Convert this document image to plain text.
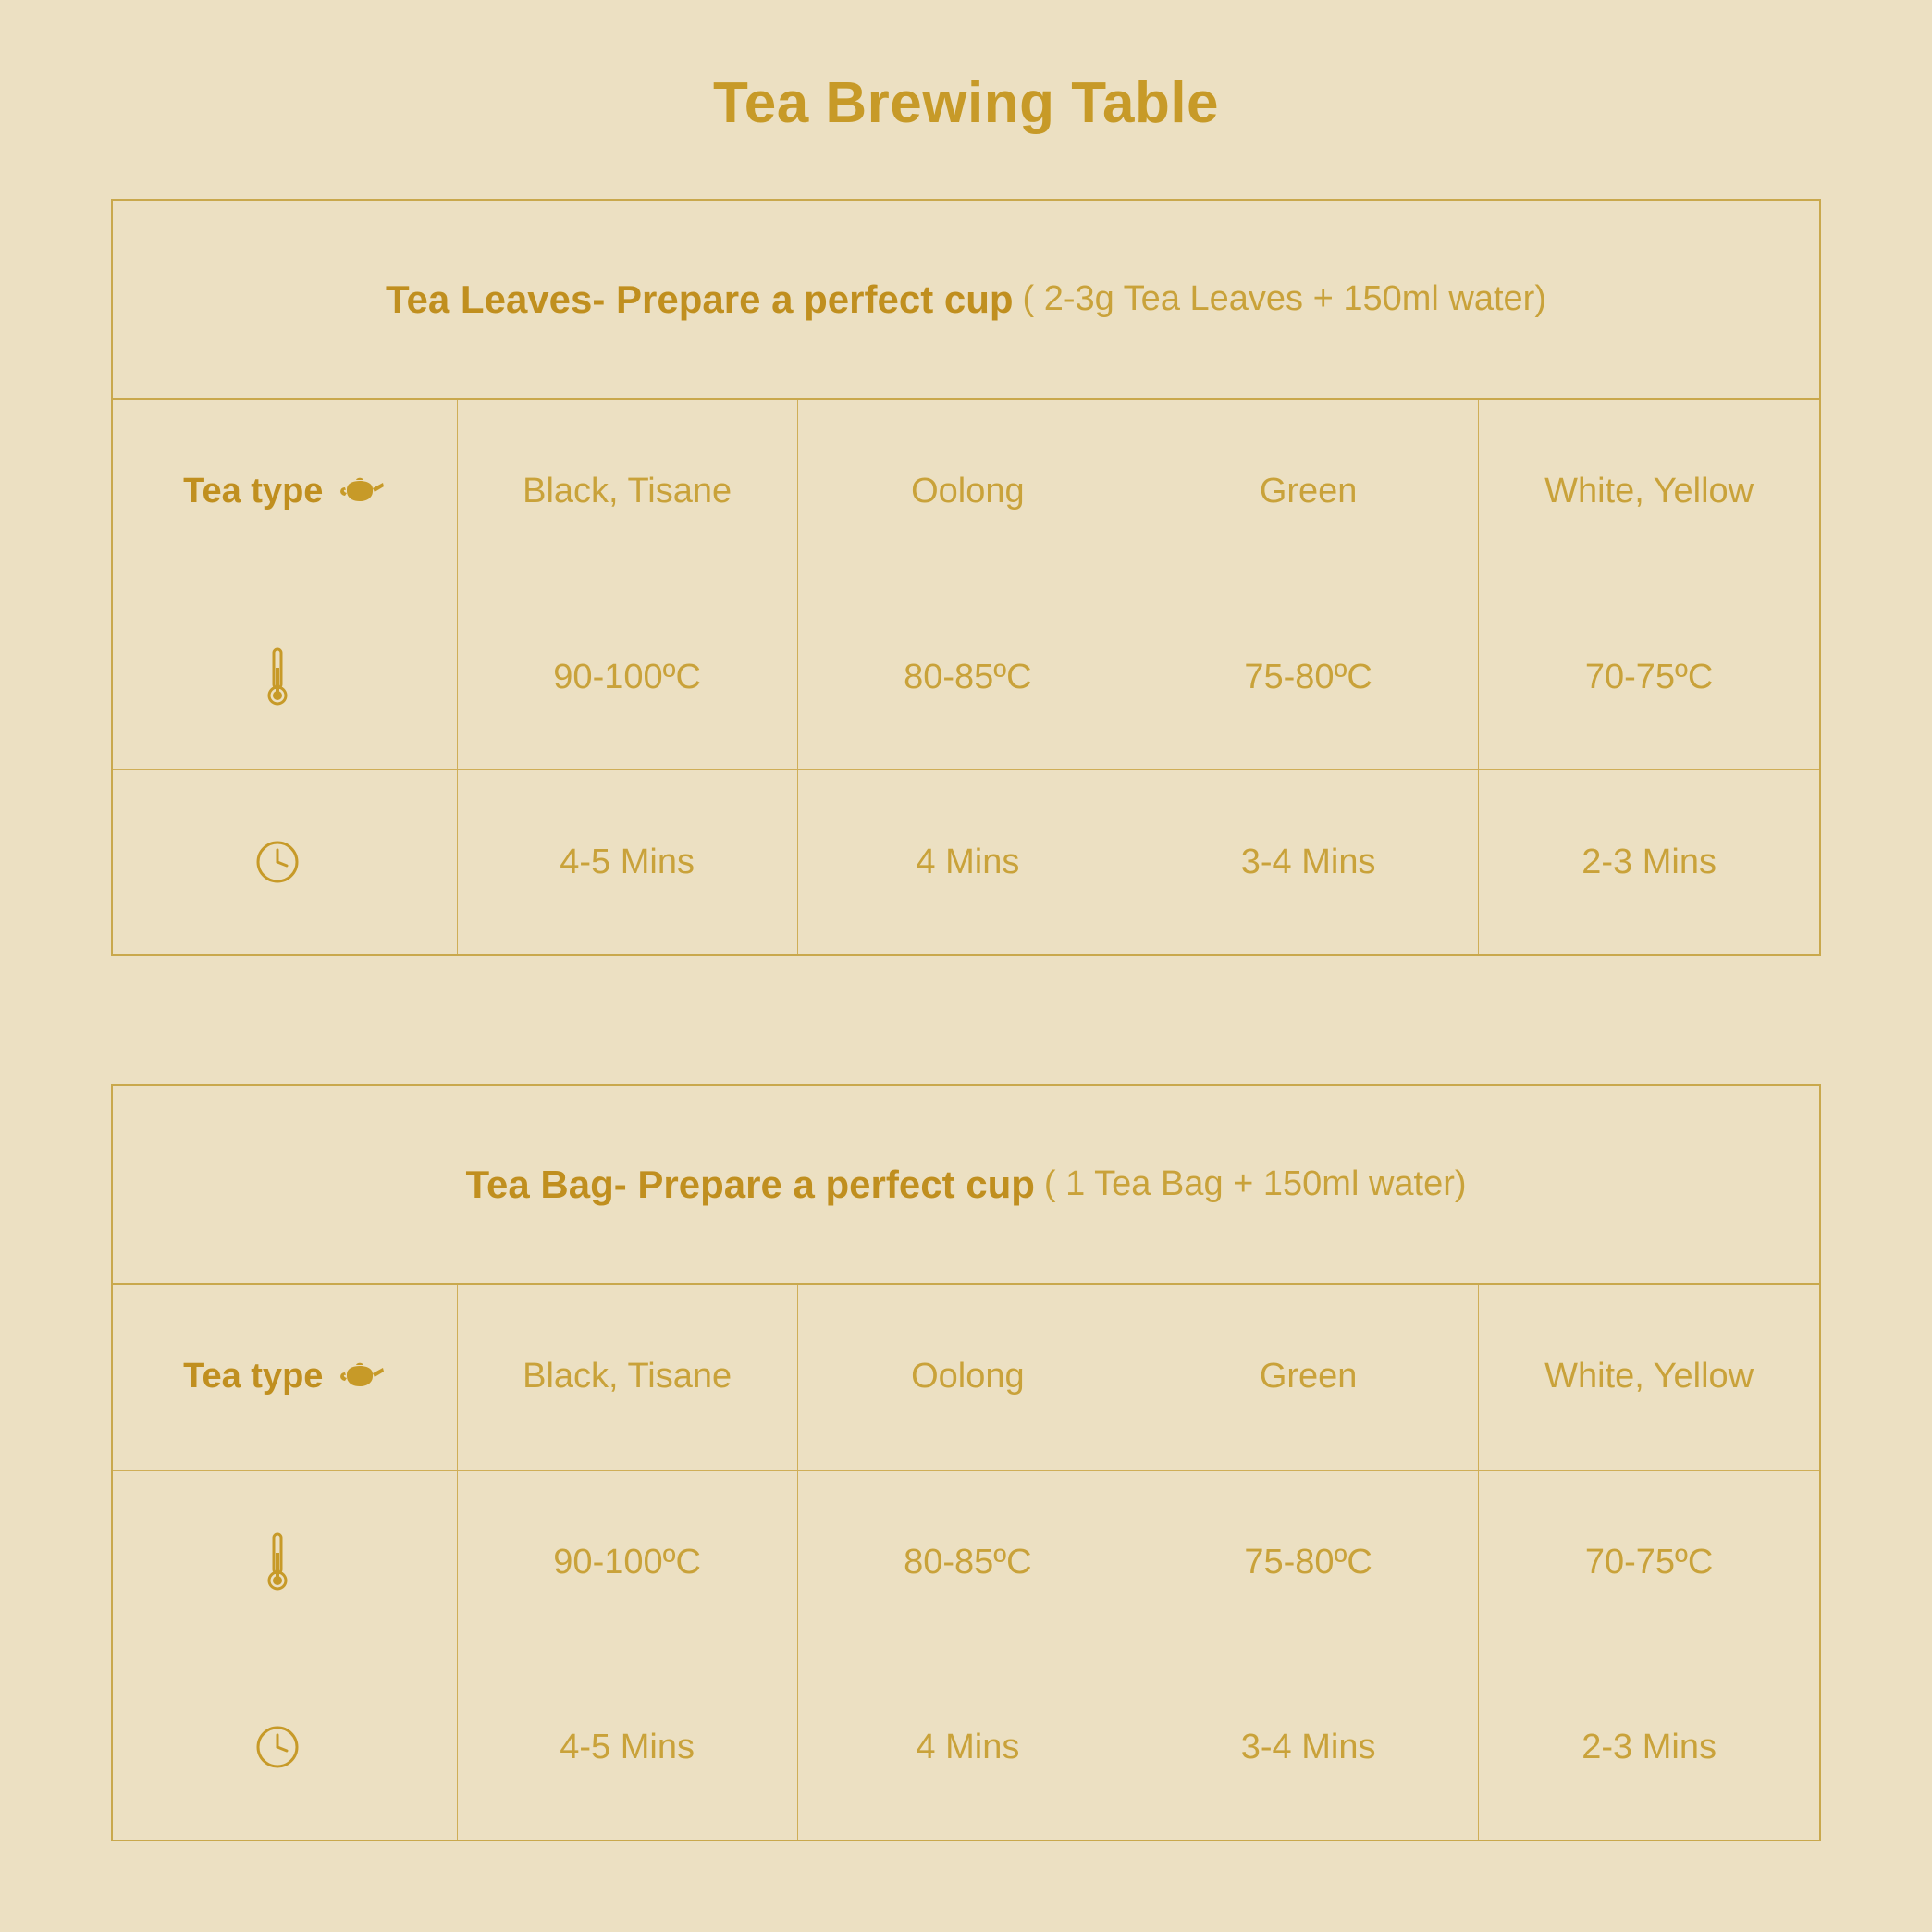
Tea Brewing Table
Tea Leaves- Prepare a perfect cup ( 2-3g Tea Leaves + 150ml water)
Tea type	Black, Tisane	Oolong	Green	White, Yellow

	90-100ºC	80-85ºC	75-80ºC	70-75ºC

	4-5 Mins	4 Mins	3-4 Mins	2-3 Mins
Tea Bag- Prepare a perfect cup ( 1 Tea Bag + 150ml water)
Tea type	Black, Tisane	Oolong	Green	White, Yellow

	90-100ºC	80-85ºC	75-80ºC	70-75ºC

	4-5 Mins	4 Mins	3-4 Mins	2-3 Mins
